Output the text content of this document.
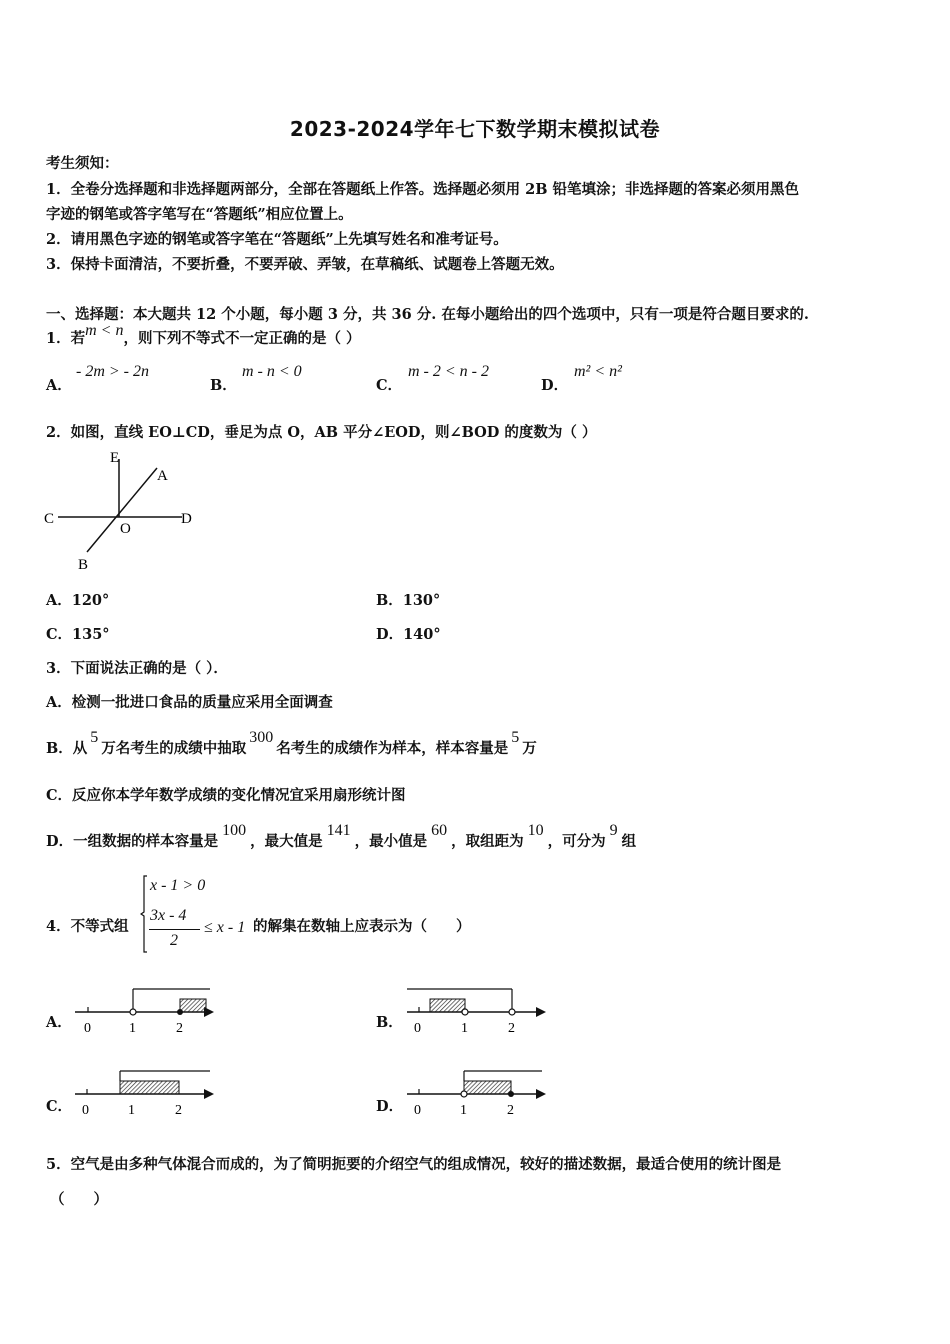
2023-2024学年七下数学期末模拟试卷
考生须知：
1．全卷分选择题和非选择题两部分，全部在答题纸上作答。选择题必须用 2B 铅笔填涂；非选择题的答案必须用黑色
字迹的钢笔或答字笔写在“答题纸”相应位置上。
2．请用黑色字迹的钢笔或答字笔在“答题纸”上先填写姓名和准考证号。
3．保持卡面清洁，不要折叠，不要弄破、弄皱，在草稿纸、试题卷上答题无效。
一、选择题：本大题共 12 个小题，每小题 3 分，共 36 分. 在每小题给出的四个选项中，只有一项是符合题目要求的.
1．若m < n，则下列不等式不一定正确的是（ ）
A．
- 2m > - 2n
B．
m - n < 0
C．
m - 2 < n - 2
D．
m² < n²
2．如图，直线 EO⊥CD，垂足为点 O，AB 平分∠EOD，则∠BOD 的度数为（ ）
E
A
C
O
D
B
A．120°	B．130°
C．135°	D．140°
3．下面说法正确的是（ ）．
A．检测一批进口食品的质量应采用全面调查
B．从5万名考生的成绩中抽取300名考生的成绩作为样本，样本容量是5万
C．反应你本学年数学成绩的变化情况宜采用扇形统计图
D．一组数据的样本容量是100，最大值是141，最小值是60，取组距为10，可分为9组
4．不等式组
x - 1 > 0
3x - 4
2
≤ x - 1 的解集在数轴上应表示为（　　）
A． 0	1	2	B． 0	1	2
C． 0	1	2	D． 0	1	2
5．空气是由多种气体混合而成的，为了简明扼要的介绍空气的组成情况，较好的描述数据，最适合使用的统计图是
（　　）
